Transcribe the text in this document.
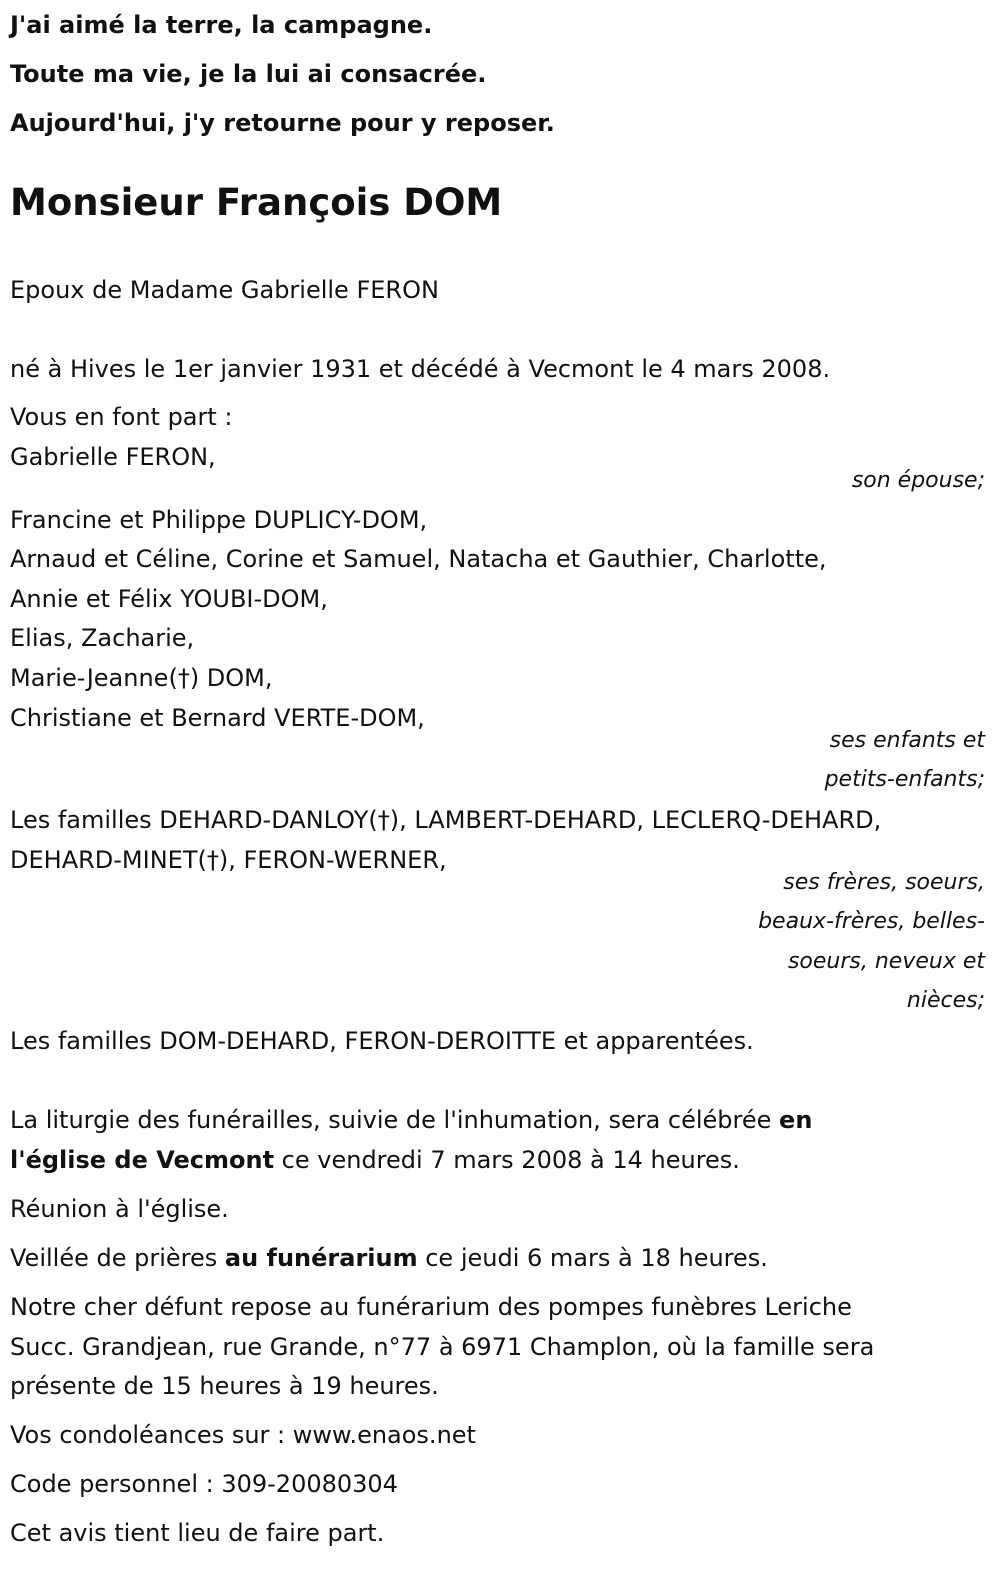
J'ai aimé la terre, la campagne.
Toute ma vie, je la lui ai consacrée.
Aujourd'hui, j'y retourne pour y reposer.
Monsieur François DOM
Epoux de Madame Gabrielle FERON
né à Hives le 1er janvier 1931 et décédé à Vecmont le 4 mars 2008.
Vous en font part :
Gabrielle FERON,
son épouse;
Francine et Philippe DUPLICY-DOM,
Arnaud et Céline, Corine et Samuel, Natacha et Gauthier, Charlotte,
Annie et Félix YOUBI-DOM,
Elias, Zacharie,
Marie-Jeanne(†) DOM,
Christiane et Bernard VERTE-DOM,
ses enfants et
petits-enfants;
Les familles DEHARD-DANLOY(†), LAMBERT-DEHARD, LECLERQ-DEHARD,
DEHARD-MINET(†), FERON-WERNER,
ses frères, soeurs,
beaux-frères, belles-
soeurs, neveux et
nièces;
Les familles DOM-DEHARD, FERON-DEROITTE et apparentées.
La liturgie des funérailles, suivie de l'inhumation, sera célébrée en
l'église de Vecmont ce vendredi 7 mars 2008 à 14 heures.
Réunion à l'église.
Veillée de prières au funérarium ce jeudi 6 mars à 18 heures.
Notre cher défunt repose au funérarium des pompes funèbres Leriche
Succ. Grandjean, rue Grande, n°77 à 6971 Champlon, où la famille sera
présente de 15 heures à 19 heures.
Vos condoléances sur : www.enaos.net
Code personnel : 309-20080304
Cet avis tient lieu de faire part.
